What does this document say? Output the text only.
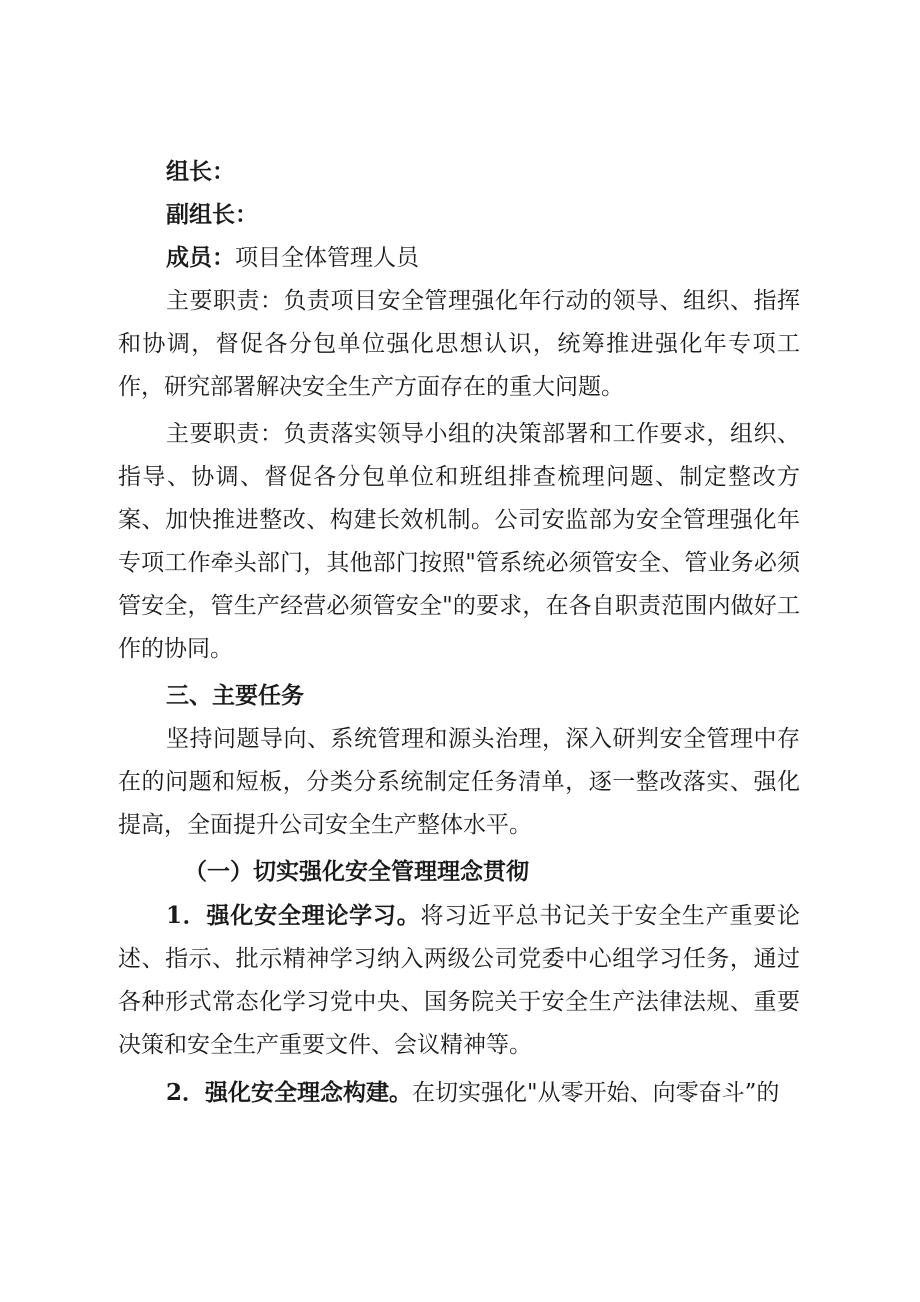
组长：

副组长：

成员：项目全体管理人员

主要职责：负责项目安全管理强化年行动的领导、组织、指挥和协调，督促各分包单位强化思想认识，统筹推进强化年专项工作，研究部署解决安全生产方面存在的重大问题。

主要职责：负责落实领导小组的决策部署和工作要求，组织、指导、协调、督促各分包单位和班组排查梳理问题、制定整改方案、加快推进整改、构建长效机制。公司安监部为安全管理强化年专项工作牵头部门，其他部门按照"管系统必须管安全、管业务必须管安全，管生产经营必须管安全"的要求，在各自职责范围内做好工作的协同。

三、主要任务

坚持问题导向、系统管理和源头治理，深入研判安全管理中存在的问题和短板，分类分系统制定任务清单，逐一整改落实、强化提高，全面提升公司安全生产整体水平。

（一）切实强化安全管理理念贯彻

1．强化安全理论学习。将习近平总书记关于安全生产重要论述、指示、批示精神学习纳入两级公司党委中心组学习任务，通过各种形式常态化学习党中央、国务院关于安全生产法律法规、重要决策和安全生产重要文件、会议精神等。

2．强化安全理念构建。在切实强化"从零开始、向零奋斗”的
